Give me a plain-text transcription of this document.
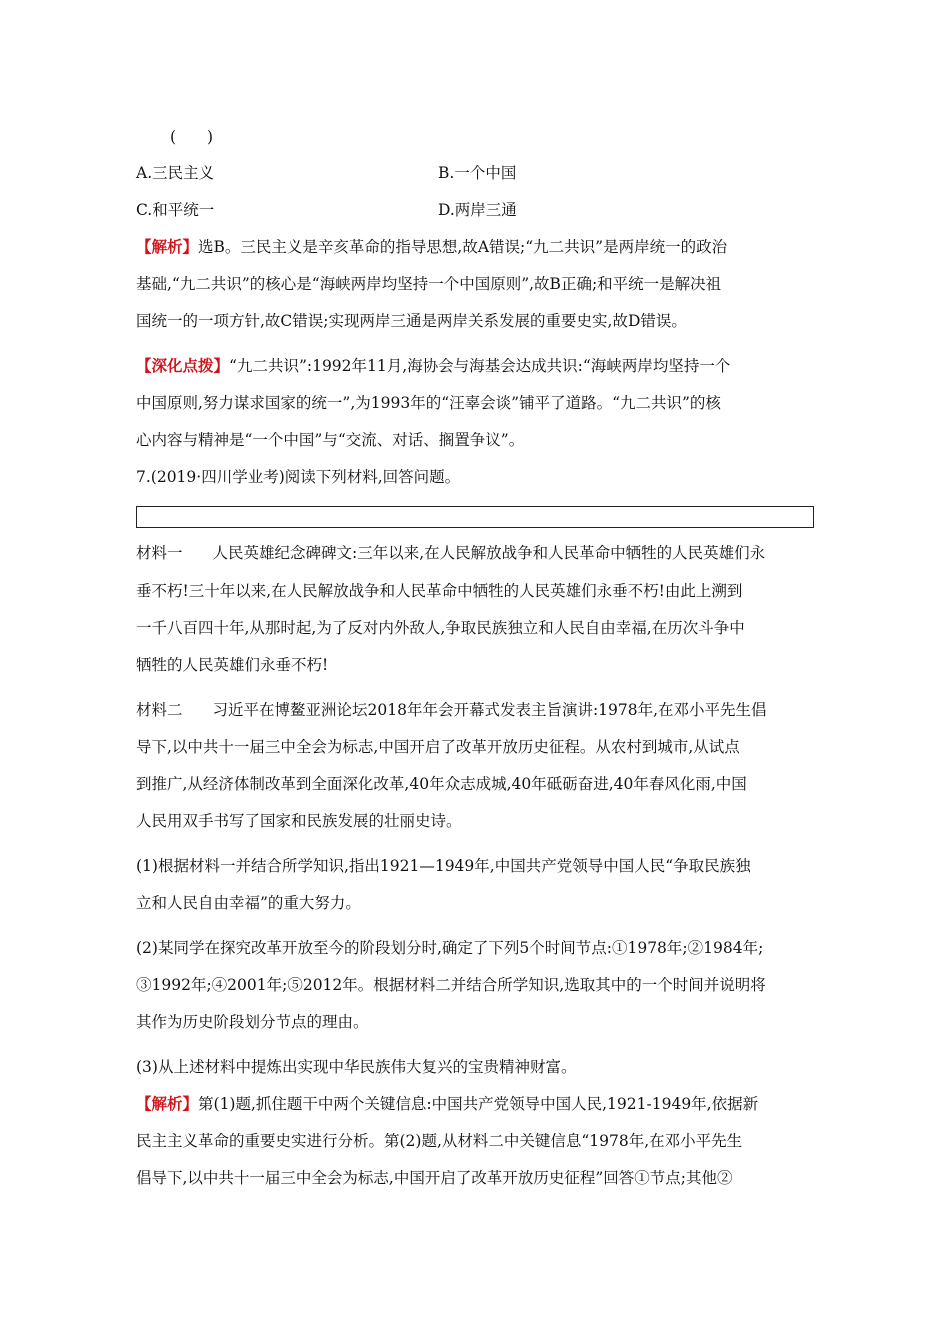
(　　)
A.三民主义	B.一个中国
C.和平统一	D.两岸三通
【解析】选B。三民主义是辛亥革命的指导思想,故A错误;“九二共识”是两岸统一的政治
基础,“九二共识”的核心是“海峡两岸均坚持一个中国原则”,故B正确;和平统一是解决祖
国统一的一项方针,故C错误;实现两岸三通是两岸关系发展的重要史实,故D错误。
【深化点拨】“九二共识”:1992年11月,海协会与海基会达成共识:“海峡两岸均坚持一个
中国原则,努力谋求国家的统一”,为1993年的“汪辜会谈”铺平了道路。“九二共识”的核
心内容与精神是“一个中国”与“交流、对话、搁置争议”。
7.(2019·四川学业考)阅读下列材料,回答问题。
材料一 人民英雄纪念碑碑文:三年以来,在人民解放战争和人民革命中牺牲的人民英雄们永
垂不朽!三十年以来,在人民解放战争和人民革命中牺牲的人民英雄们永垂不朽!由此上溯到
一千八百四十年,从那时起,为了反对内外敌人,争取民族独立和人民自由幸福,在历次斗争中
牺牲的人民英雄们永垂不朽!
材料二 习近平在博鳌亚洲论坛2018年年会开幕式发表主旨演讲:1978年,在邓小平先生倡
导下,以中共十一届三中全会为标志,中国开启了改革开放历史征程。从农村到城市,从试点
到推广,从经济体制改革到全面深化改革,40年众志成城,40年砥砺奋进,40年春风化雨,中国
人民用双手书写了国家和民族发展的壮丽史诗。
(1)根据材料一并结合所学知识,指出1921—1949年,中国共产党领导中国人民“争取民族独
立和人民自由幸福”的重大努力。
(2)某同学在探究改革开放至今的阶段划分时,确定了下列5个时间节点:①1978年;②1984年;
③1992年;④2001年;⑤2012年。根据材料二并结合所学知识,选取其中的一个时间并说明将
其作为历史阶段划分节点的理由。
(3)从上述材料中提炼出实现中华民族伟大复兴的宝贵精神财富。
【解析】第(1)题,抓住题干中两个关键信息:中国共产党领导中国人民,1921-1949年,依据新
民主主义革命的重要史实进行分析。第(2)题,从材料二中关键信息“1978年,在邓小平先生
倡导下,以中共十一届三中全会为标志,中国开启了改革开放历史征程”回答①节点;其他②
